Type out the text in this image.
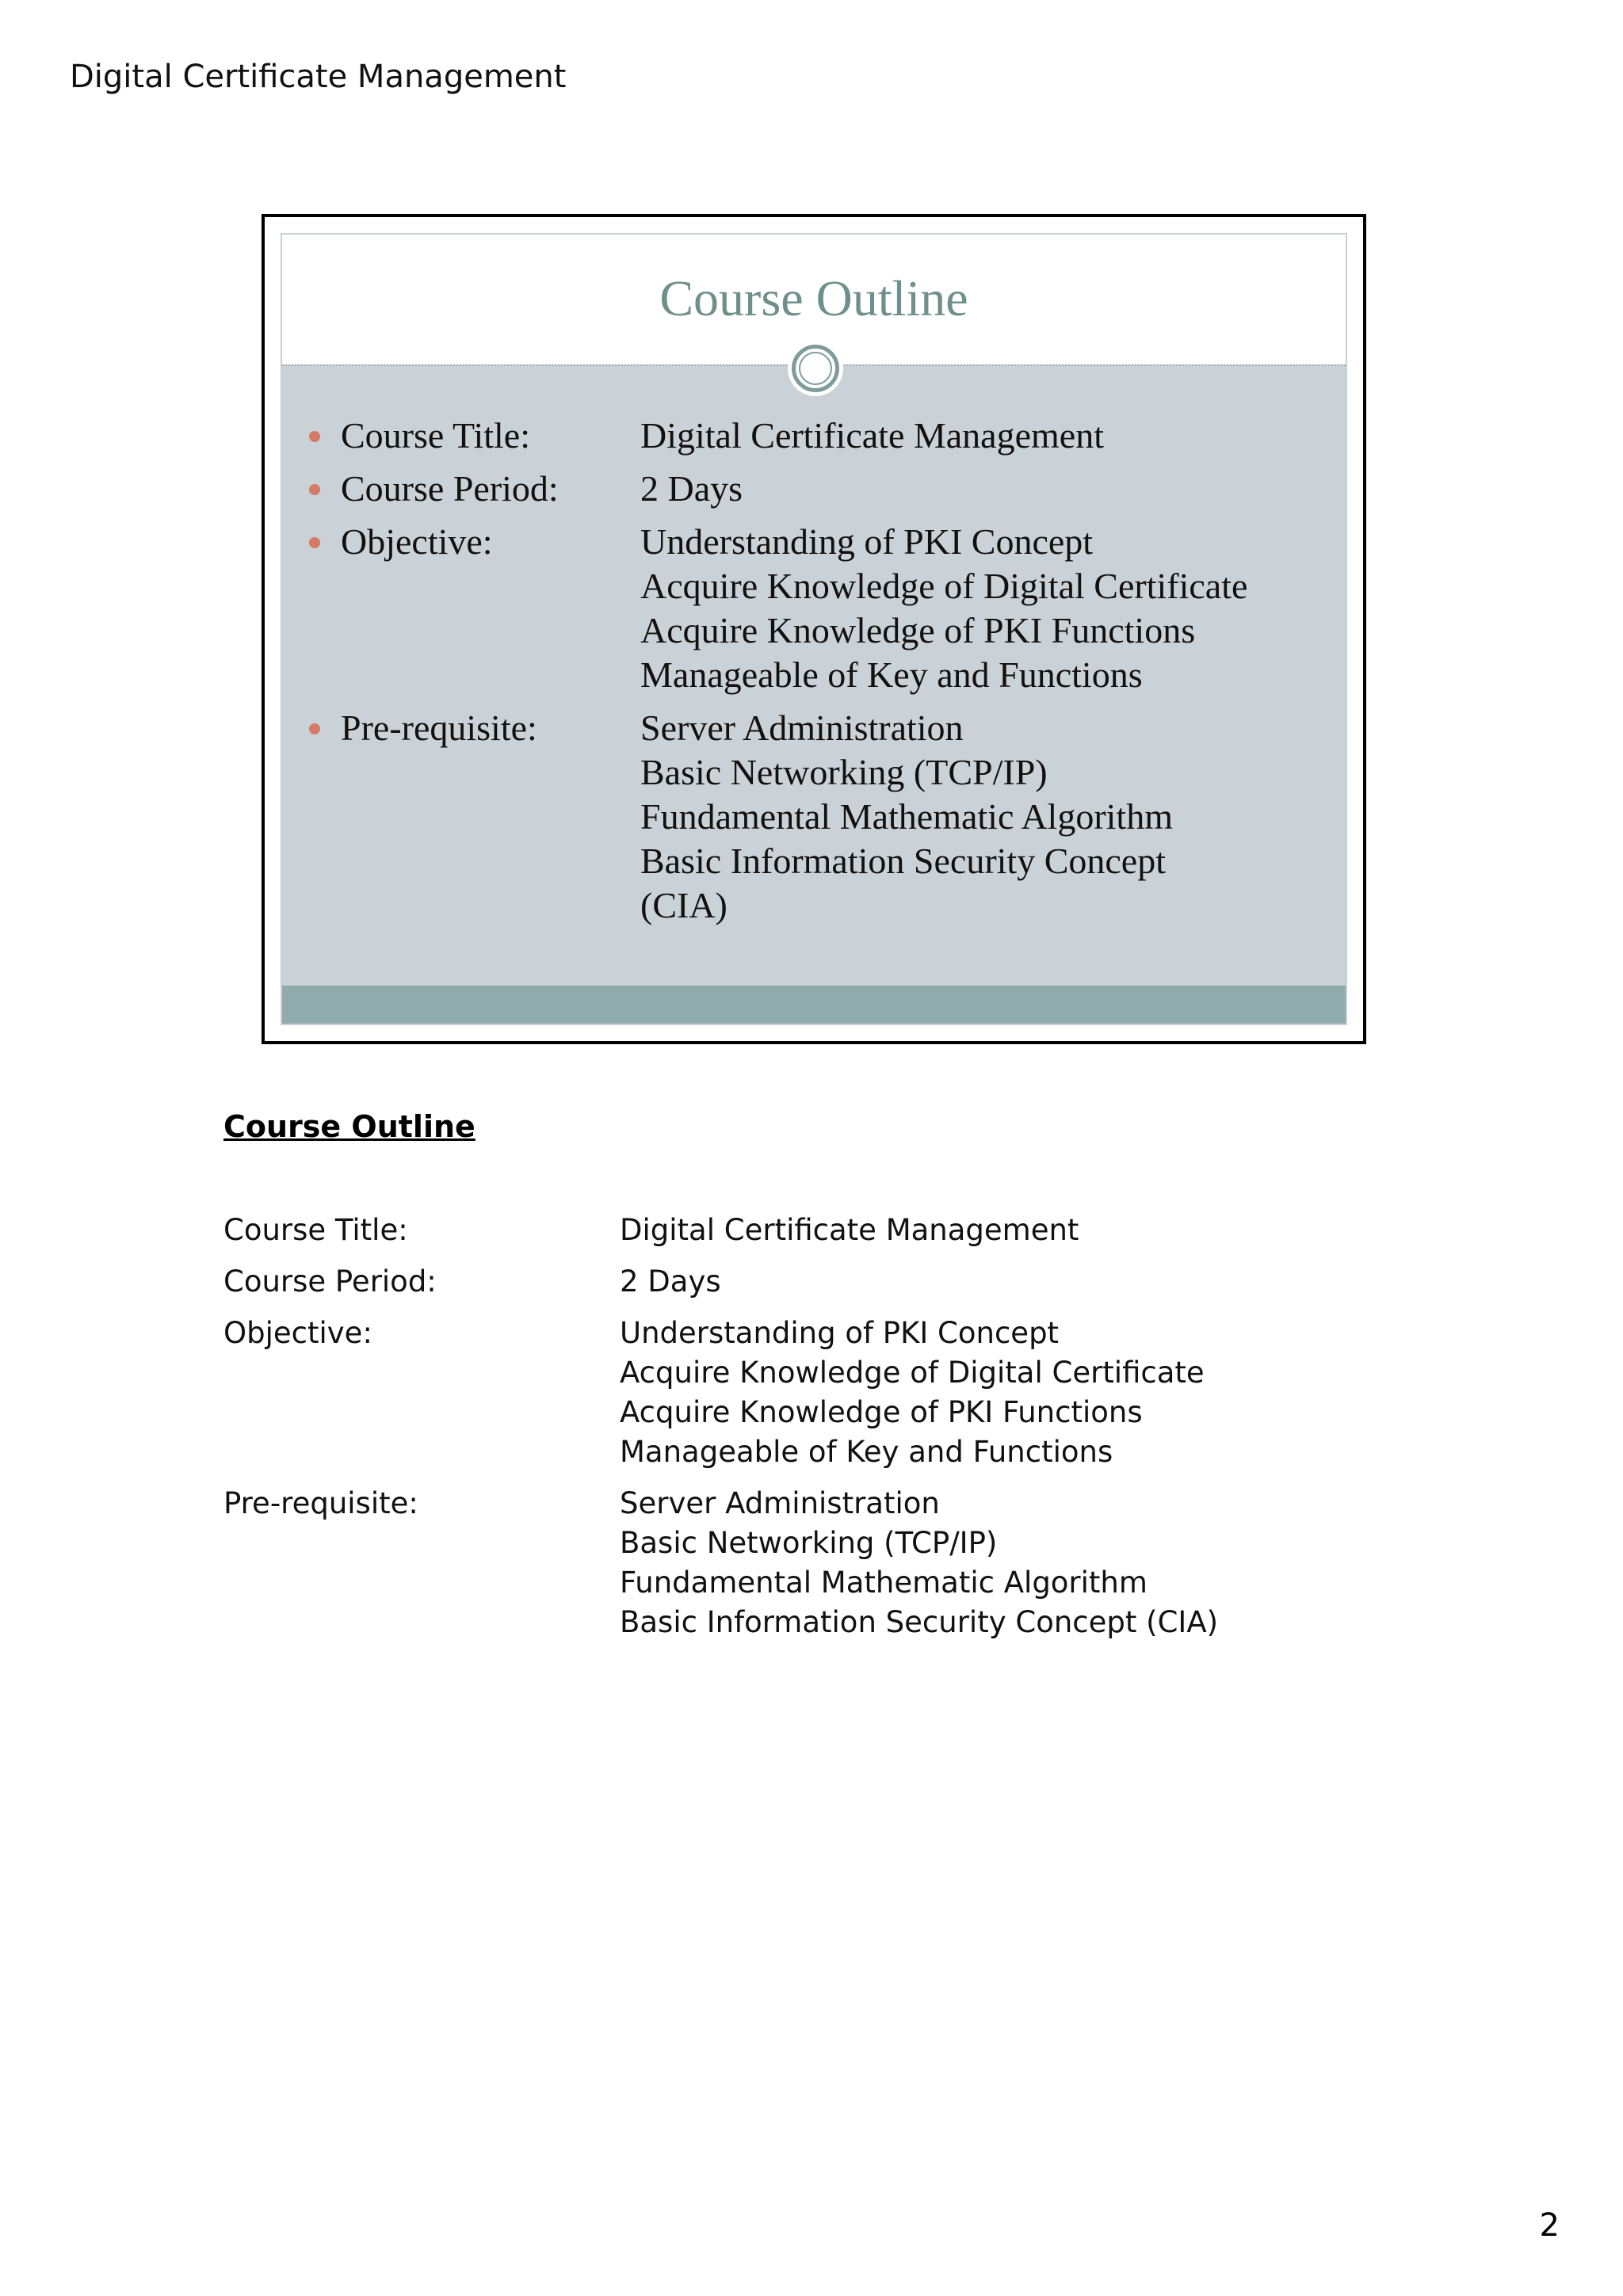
Digital Certificate Management
Course Outline
Course Title:	Digital Certificate Management
Course Period:	2 Days
Objective:	Understanding of PKI Concept
Acquire Knowledge of Digital Certificate
Acquire Knowledge of PKI Functions
Manageable of Key and Functions
Pre-requisite:	Server Administration
Basic Networking (TCP/IP)
Fundamental Mathematic Algorithm
Basic Information Security Concept
(CIA)
Course Outline
Course Title:	Digital Certificate Management
Course Period:	2 Days
Objective:	Understanding of PKI Concept
Acquire Knowledge of Digital Certificate
Acquire Knowledge of PKI Functions
Manageable of Key and Functions
Pre-requisite:	Server Administration
Basic Networking (TCP/IP)
Fundamental Mathematic Algorithm
Basic Information Security Concept (CIA)
2
